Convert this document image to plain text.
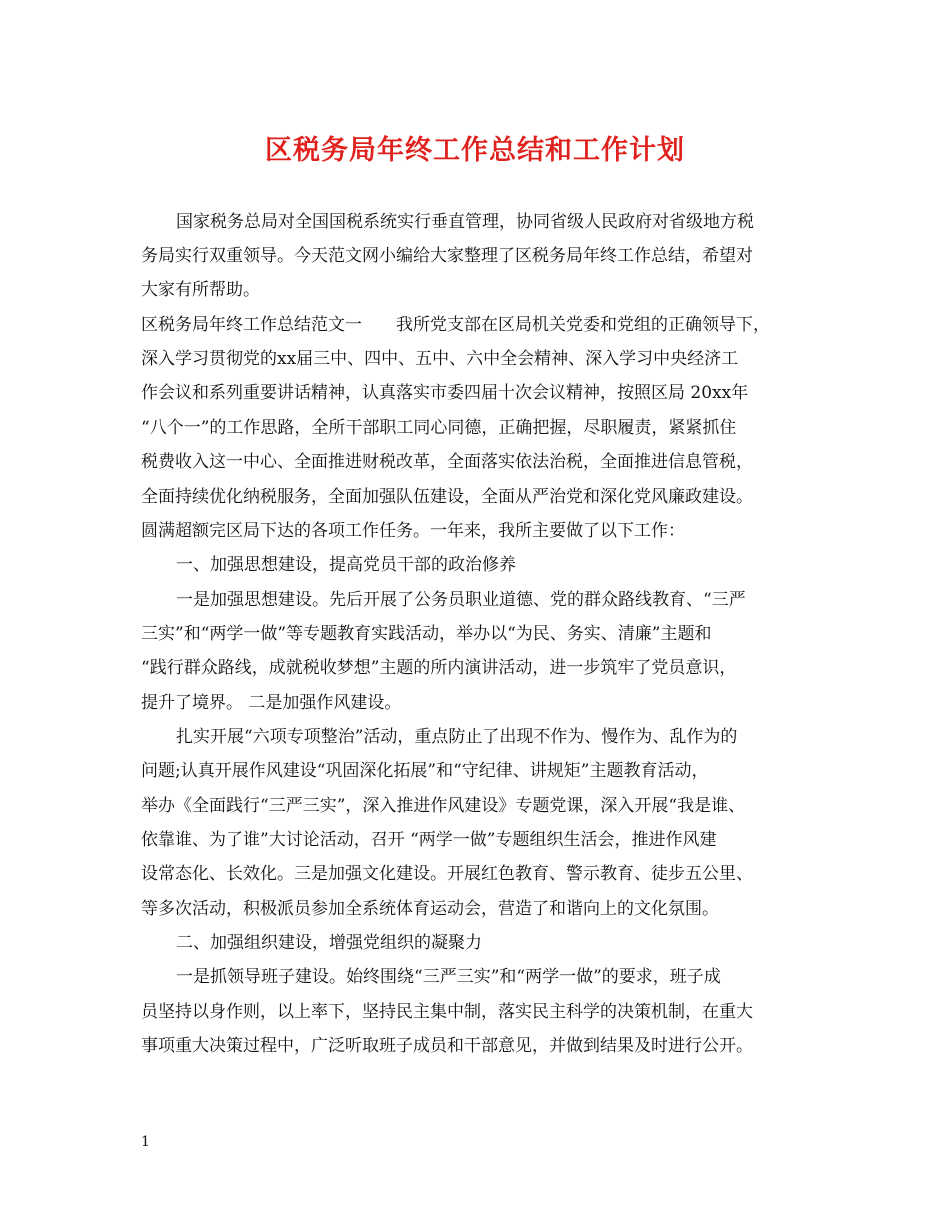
区税务局年终工作总结和工作计划

国家税务总局对全国国税系统实行垂直管理，协同省级人民政府对省级地方税

务局实行双重领导。今天范文网小编给大家整理了区税务局年终工作总结，希望对

大家有所帮助。

区税务局年终工作总结范文一　　我所党支部在区局机关党委和党组的正确领导下，

深入学习贯彻党的xx届三中、四中、五中、六中全会精神、深入学习中央经济工

作会议和系列重要讲话精神，认真落实市委四届十次会议精神，按照区局 20xx年

“八个一”的工作思路，全所干部职工同心同德，正确把握，尽职履责，紧紧抓住

税费收入这一中心、全面推进财税改革，全面落实依法治税，全面推进信息管税，

全面持续优化纳税服务，全面加强队伍建设，全面从严治党和深化党风廉政建设。

圆满超额完区局下达的各项工作任务。一年来，我所主要做了以下工作：

一、加强思想建设，提高党员干部的政治修养

一是加强思想建设。先后开展了公务员职业道德、党的群众路线教育、“三严

三实”和“两学一做”等专题教育实践活动，举办以“为民、务实、清廉”主题和

“践行群众路线，成就税收梦想”主题的所内演讲活动，进一步筑牢了党员意识，

提升了境界。 二是加强作风建设。

扎实开展“六项专项整治”活动，重点防止了出现不作为、慢作为、乱作为的

问题;认真开展作风建设“巩固深化拓展”和“守纪律、讲规矩”主题教育活动，

举办《全面践行“三严三实”，深入推进作风建设》专题党课，深入开展“我是谁、

依靠谁、为了谁”大讨论活动，召开 “两学一做”专题组织生活会，推进作风建

设常态化、长效化。三是加强文化建设。开展红色教育、警示教育、徒步五公里、

等多次活动，积极派员参加全系统体育运动会，营造了和谐向上的文化氛围。

二、加强组织建设，增强党组织的凝聚力

一是抓领导班子建设。始终围绕“三严三实”和“两学一做”的要求，班子成

员坚持以身作则，以上率下，坚持民主集中制，落实民主科学的决策机制，在重大

事项重大决策过程中，广泛听取班子成员和干部意见，并做到结果及时进行公开。

1
